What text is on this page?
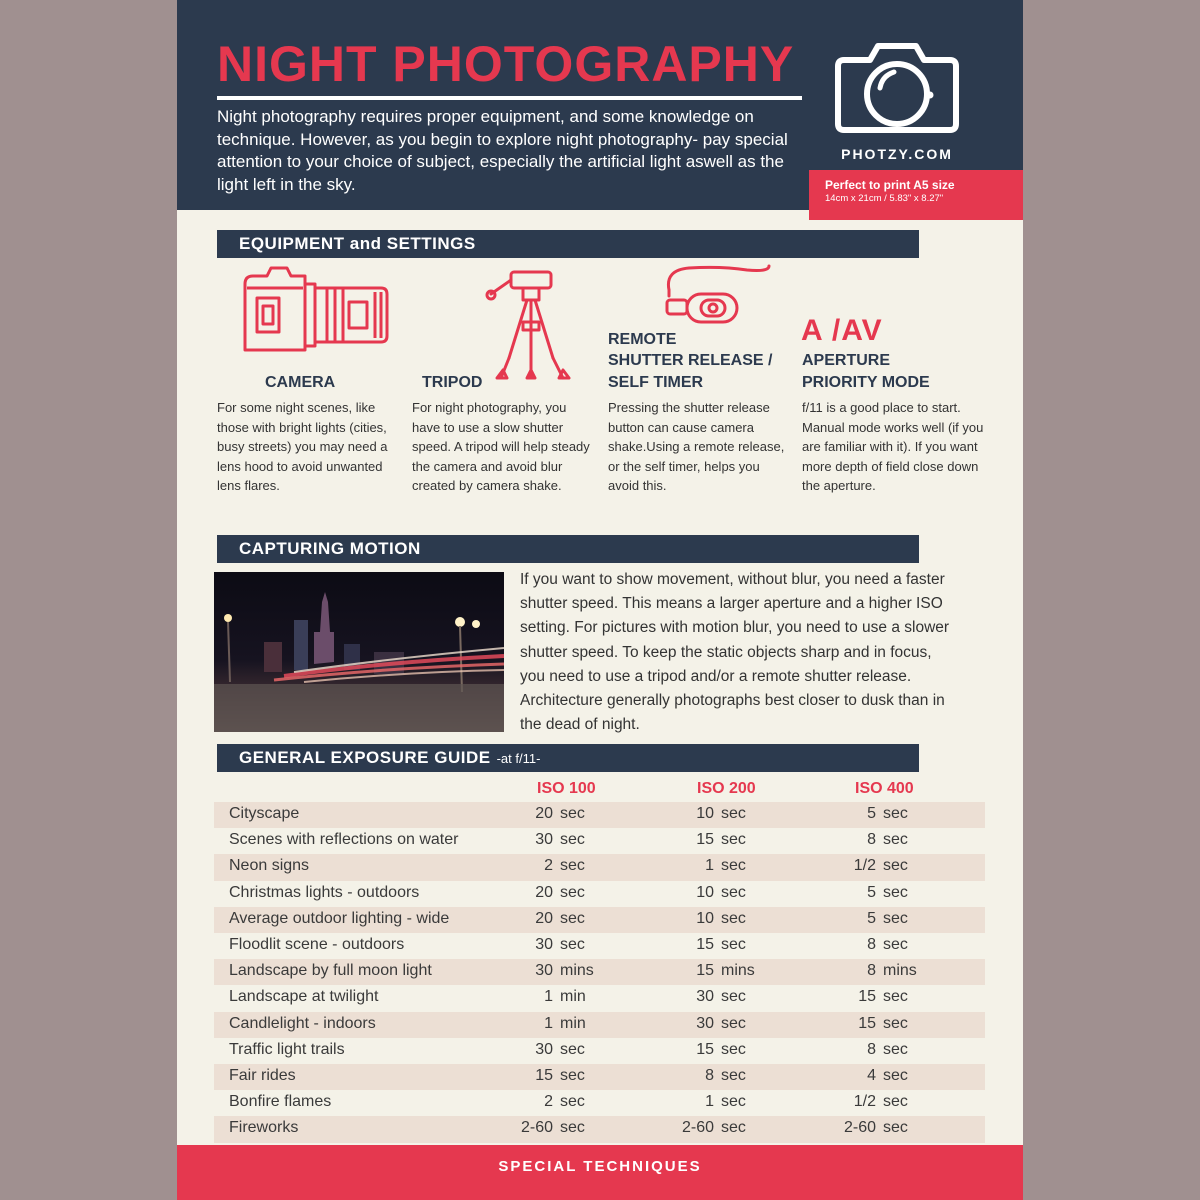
NIGHT PHOTOGRAPHY
Night photography requires proper equipment, and some knowledge on technique. However, as you begin to explore night photography- pay special attention to your choice of subject, especially the artificial light aswell as the light left in the sky.
PHOTZY.COM
Perfect to print A5 size
14cm x 21cm / 5.83" x 8.27"
EQUIPMENT and SETTINGS
A /AV
CAMERA	TRIPOD
REMOTE
SHUTTER RELEASE /
SELF TIMER
APERTURE
PRIORITY MODE
For some night scenes, like those with bright lights (cities, busy streets) you may need a lens hood to avoid unwanted lens flares.
For night photography, you have to use a slow shutter speed. A tripod will help steady the camera and avoid blur created by camera shake.
Pressing the shutter release button can cause camera shake.Using a remote release, or the self timer, helps you avoid this.
f/11 is a good place to start. Manual mode works well (if you are familiar with it). If you want more depth of field close down the aperture.
CAPTURING MOTION
If you want to show movement, without blur, you need a faster shutter speed. This means a larger aperture and a higher ISO setting. For pictures with motion blur, you need to use a slower shutter speed. To keep the static objects sharp and in focus, you need to use a tripod and/or a remote shutter release. Architecture generally photographs best closer to dusk than in the dead of night.
GENERAL EXPOSURE GUIDE -at f/11-
ISO 100	ISO 200	ISO 400
Cityscape	20 sec	10 sec	5 sec
Scenes with reflections on water	30 sec	15 sec	8 sec
Neon signs	2 sec	1 sec	1/2 sec
Christmas lights - outdoors	20 sec	10 sec	5 sec
Average outdoor lighting - wide	20 sec	10 sec	5 sec
Floodlit scene - outdoors	30 sec	15 sec	8 sec
Landscape by full moon light	30 mins	15 mins	8 mins
Landscape at twilight	1 min	30 sec	15 sec
Candlelight - indoors	1 min	30 sec	15 sec
Traffic light trails	30 sec	15 sec	8 sec
Fair rides	15 sec	8 sec	4 sec
Bonfire flames	2 sec	1 sec	1/2 sec
Fireworks	2-60 sec	2-60 sec	2-60 sec
SPECIAL TECHNIQUES
